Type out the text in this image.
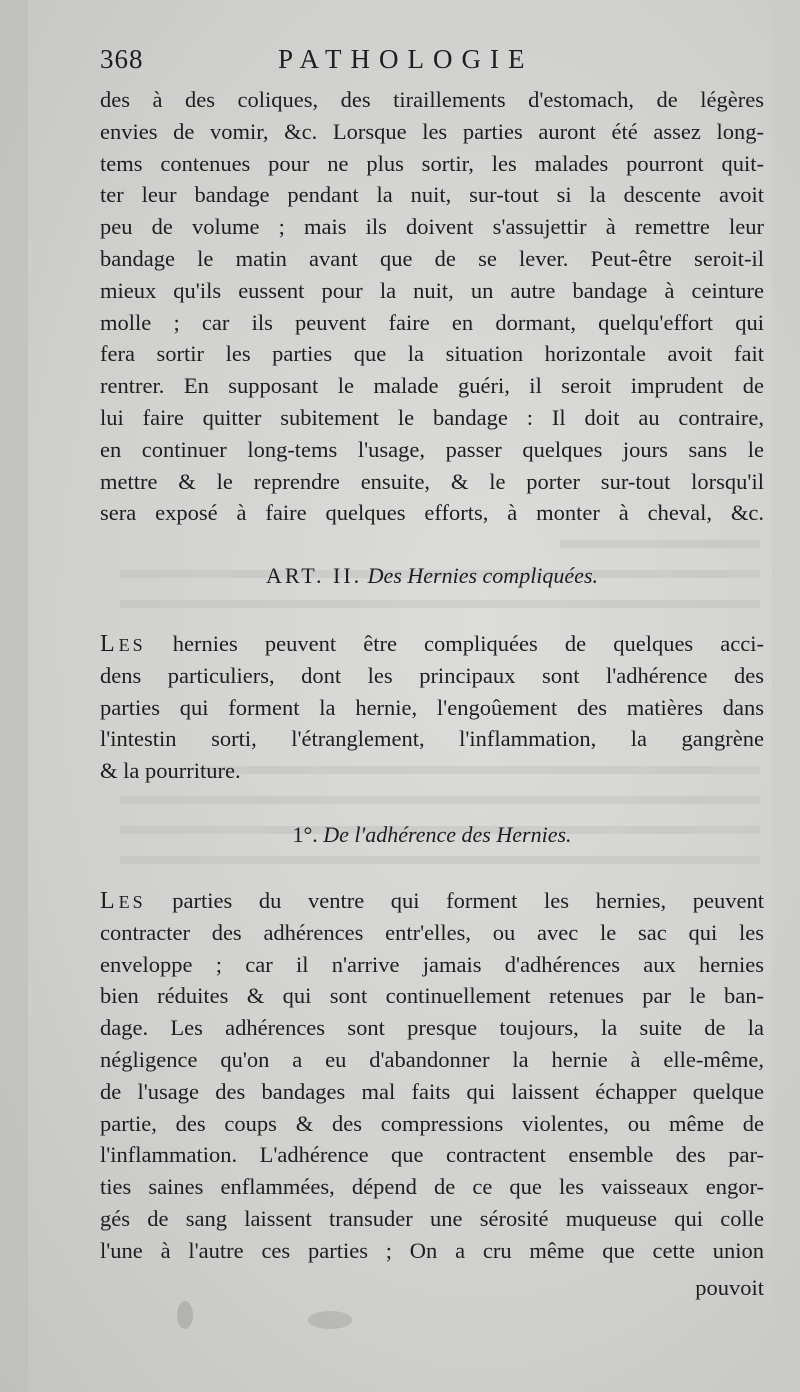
368	PATHOLOGIE
des à des coliques, des tiraillements d'estomach, de légères
envies de vomir, &c. Lorsque les parties auront été assez long-
tems contenues pour ne plus sortir, les malades pourront quit-
ter leur bandage pendant la nuit, sur-tout si la descente avoit
peu de volume ; mais ils doivent s'assujettir à remettre leur
bandage le matin avant que de se lever. Peut-être seroit-il
mieux qu'ils eussent pour la nuit, un autre bandage à ceinture
molle ; car ils peuvent faire en dormant, quelqu'effort qui
fera sortir les parties que la situation horizontale avoit fait
rentrer. En supposant le malade guéri, il seroit imprudent de
lui faire quitter subitement le bandage : Il doit au contraire,
en continuer long-tems l'usage, passer quelques jours sans le
mettre & le reprendre ensuite, & le porter sur-tout lorsqu'il
sera exposé à faire quelques efforts, à monter à cheval, &c.
ART. II. Des Hernies compliquées.
LES hernies peuvent être compliquées de quelques acci-
dens particuliers, dont les principaux sont l'adhérence des
parties qui forment la hernie, l'engoûement des matières dans
l'intestin sorti, l'étranglement, l'inflammation, la gangrène
& la pourriture.
1°. De l'adhérence des Hernies.
LES parties du ventre qui forment les hernies, peuvent
contracter des adhérences entr'elles, ou avec le sac qui les
enveloppe ; car il n'arrive jamais d'adhérences aux hernies
bien réduites & qui sont continuellement retenues par le ban-
dage. Les adhérences sont presque toujours, la suite de la
négligence qu'on a eu d'abandonner la hernie à elle-même,
de l'usage des bandages mal faits qui laissent échapper quelque
partie, des coups & des compressions violentes, ou même de
l'inflammation. L'adhérence que contractent ensemble des par-
ties saines enflammées, dépend de ce que les vaisseaux engor-
gés de sang laissent transuder une sérosité muqueuse qui colle
l'une à l'autre ces parties ; On a cru même que cette union
pouvoit
